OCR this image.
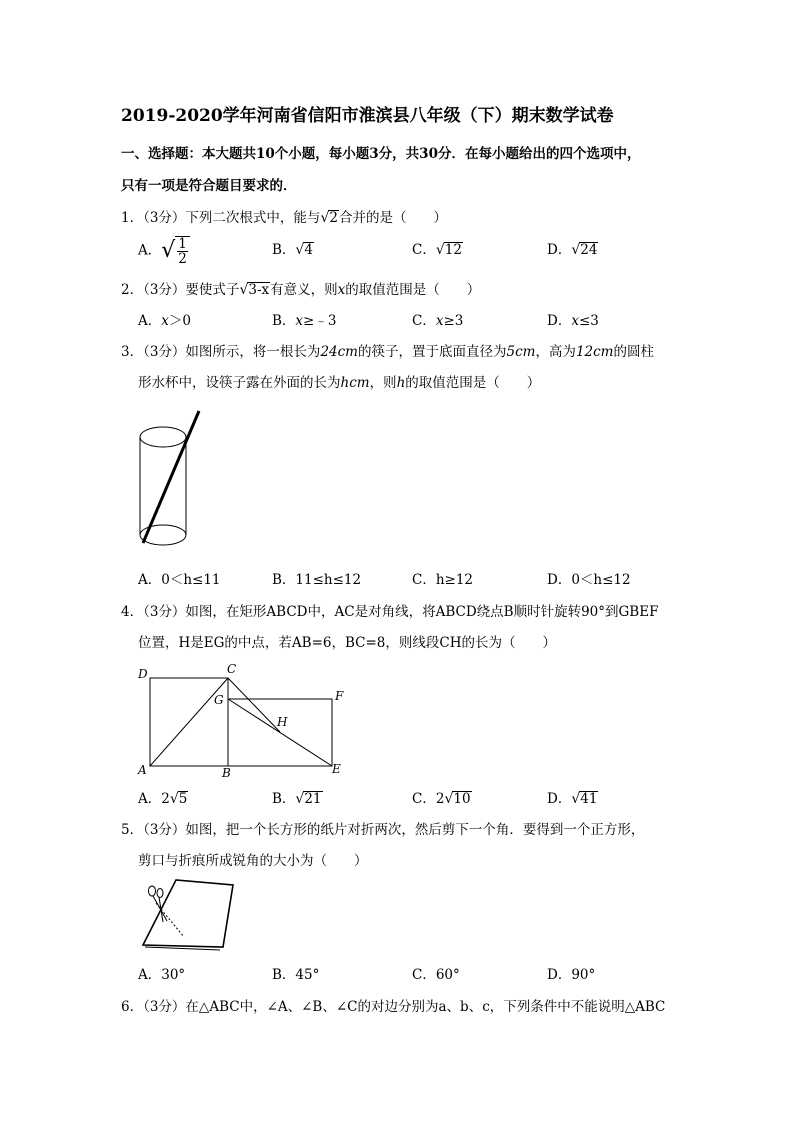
2019-2020学年河南省信阳市淮滨县八年级（下）期末数学试卷
一、选择题：本大题共10个小题，每小题3分，共30分．在每小题给出的四个选项中，
只有一项是符合题目要求的．
1．（3分）下列二次根式中，能与√2合并的是（　　）
A．√ $\frac{1}{2}$	B．√4	C．√12	D．√24
2．（3分）要使式子√3-x有意义，则x的取值范围是（　　）
A．x＞0	B．x≥﹣3	C．x≥3	D．x≤3
3．（3分）如图所示，将一根长为24cm的筷子，置于底面直径为5cm，高为12cm的圆柱
形水杯中，设筷子露在外面的长为hcm，则h的取值范围是（　　）
A．0＜h≤11	B．11≤h≤12	C．h≥12	D．0＜h≤12
4．（3分）如图，在矩形ABCD中，AC是对角线，将ABCD绕点B顺时针旋转90°到GBEF
位置，H是EG的中点，若AB=6，BC=8，则线段CH的长为（　　）
D	C
F
G
H
A	B	E
A．2√5	B．√21	C．2√10	D．√41
5．（3分）如图，把一个长方形的纸片对折两次，然后剪下一个角．要得到一个正方形，
剪口与折痕所成锐角的大小为（　　）
A．30°	B．45°	C．60°	D．90°
6．（3分）在△ABC中，∠A、∠B、∠C的对边分别为a、b、c，下列条件中不能说明△ABC
